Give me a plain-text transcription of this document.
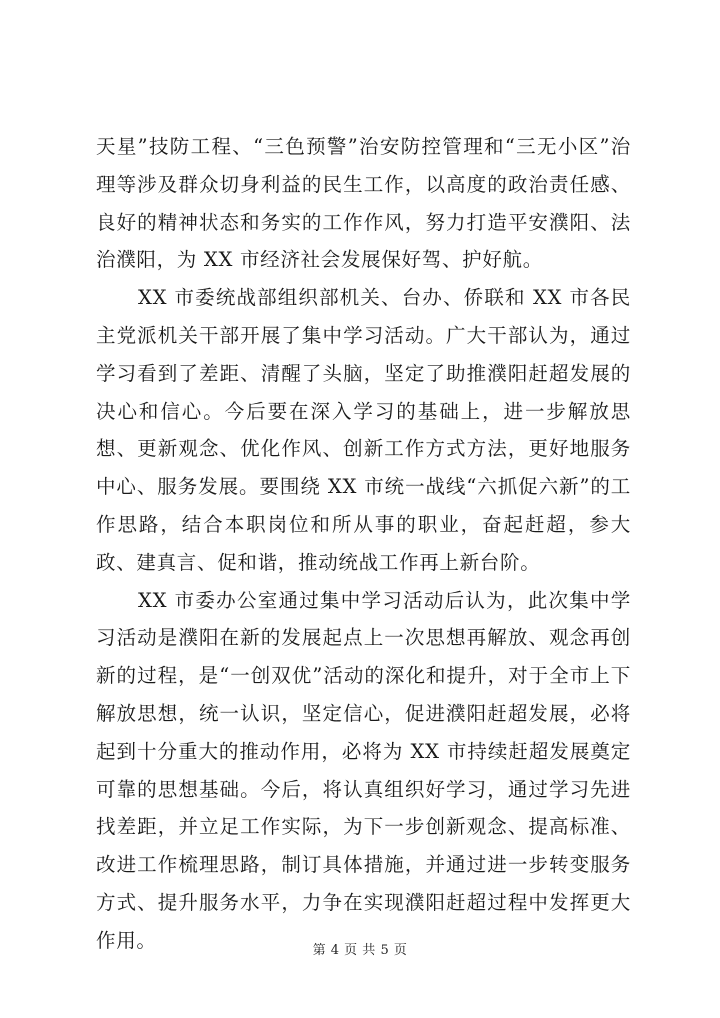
天星”技防工程、“三色预警”治安防控管理和“三无小区”治理等涉及群众切身利益的民生工作，以高度的政治责任感、良好的精神状态和务实的工作作风，努力打造平安濮阳、法治濮阳，为 XX 市经济社会发展保好驾、护好航。

XX 市委统战部组织部机关、台办、侨联和 XX 市各民主党派机关干部开展了集中学习活动。广大干部认为，通过学习看到了差距、清醒了头脑，坚定了助推濮阳赶超发展的决心和信心。今后要在深入学习的基础上，进一步解放思想、更新观念、优化作风、创新工作方式方法，更好地服务中心、服务发展。要围绕 XX 市统一战线“六抓促六新”的工作思路，结合本职岗位和所从事的职业，奋起赶超，参大政、建真言、促和谐，推动统战工作再上新台阶。

XX 市委办公室通过集中学习活动后认为，此次集中学习活动是濮阳在新的发展起点上一次思想再解放、观念再创新的过程，是“一创双优”活动的深化和提升，对于全市上下解放思想，统一认识，坚定信心，促进濮阳赶超发展，必将起到十分重大的推动作用，必将为 XX 市持续赶超发展奠定可靠的思想基础。今后，将认真组织好学习，通过学习先进找差距，并立足工作实际，为下一步创新观念、提高标准、改进工作梳理思路，制订具体措施，并通过进一步转变服务方式、提升服务水平，力争在实现濮阳赶超过程中发挥更大作用。	第 4 页 共 5 页
